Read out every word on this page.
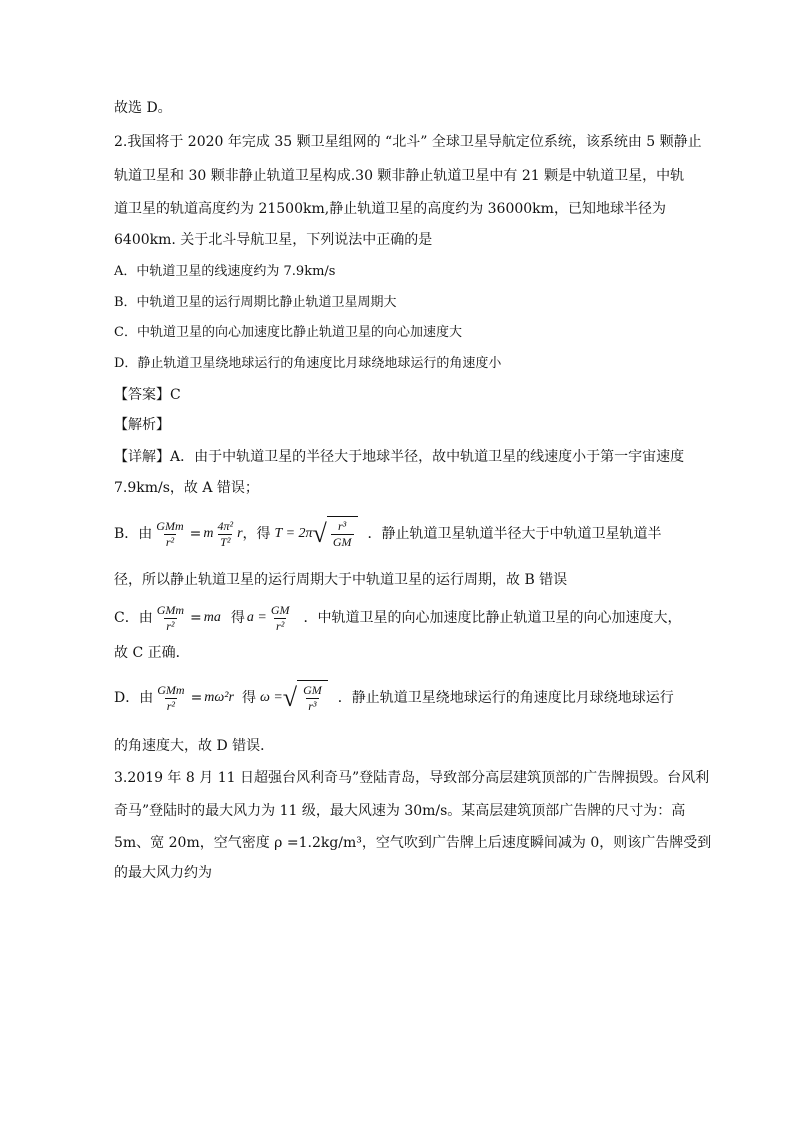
故选 D。
2.我国将于 2020 年完成 35 颗卫星组网的 “北斗” 全球卫星导航定位系统，该系统由 5 颗静止
轨道卫星和 30 颗非静止轨道卫星构成.30 颗非静止轨道卫星中有 21 颗是中轨道卫星，中轨
道卫星的轨道高度约为 21500km,静止轨道卫星的高度约为 36000km，已知地球半径为
6400km. 关于北斗导航卫星，下列说法中正确的是
A．中轨道卫星的线速度约为 7.9km/s
B．中轨道卫星的运行周期比静止轨道卫星周期大
C．中轨道卫星的向心加速度比静止轨道卫星的向心加速度大
D．静止轨道卫星绕地球运行的角速度比月球绕地球运行的角速度小
【答案】C
【解析】
【详解】A．由于中轨道卫星的半径大于地球半径，故中轨道卫星的线速度小于第一宇宙速度
7.9km/s，故 A 错误；
B．由 $\frac{\text{GMm}}{\text{r²}} = m \frac{\text{4π²}}{\text{T²}}$ r ，得 T = 2π √ $\frac{\text{r³}}{GM}$ ．静止轨道卫星轨道半径大于中轨道卫星轨道半
径，所以静止轨道卫星的运行周期大于中轨道卫星的运行周期，故 B 错误
C．由 $\frac{\text{GMm}}{\text{r²}}$ = ma 得 $a = \frac{GM}{\text{r²}}$ ．中轨道卫星的向心加速度比静止轨道卫星的向心加速度大，
故 C 正确．
D．由 $\frac{\text{GMm}}{\text{r²}} = m\omega^2r$ 得 ω = √ $\frac{GM}{\text{r³}}$ ．静止轨道卫星绕地球运行的角速度比月球绕地球运行
的角速度大，故 D 错误．
3.2019 年 8 月 11 日超强台风利奇马”登陆青岛，导致部分高层建筑顶部的广告牌损毁。台风利
奇马”登陆时的最大风力为 11 级，最大风速为 30m/s。某高层建筑顶部广告牌的尺寸为：高
5m、宽 20m，空气密度 ρ =1.2kg/m³，空气吹到广告牌上后速度瞬间减为 0，则该广告牌受到
的最大风力约为
